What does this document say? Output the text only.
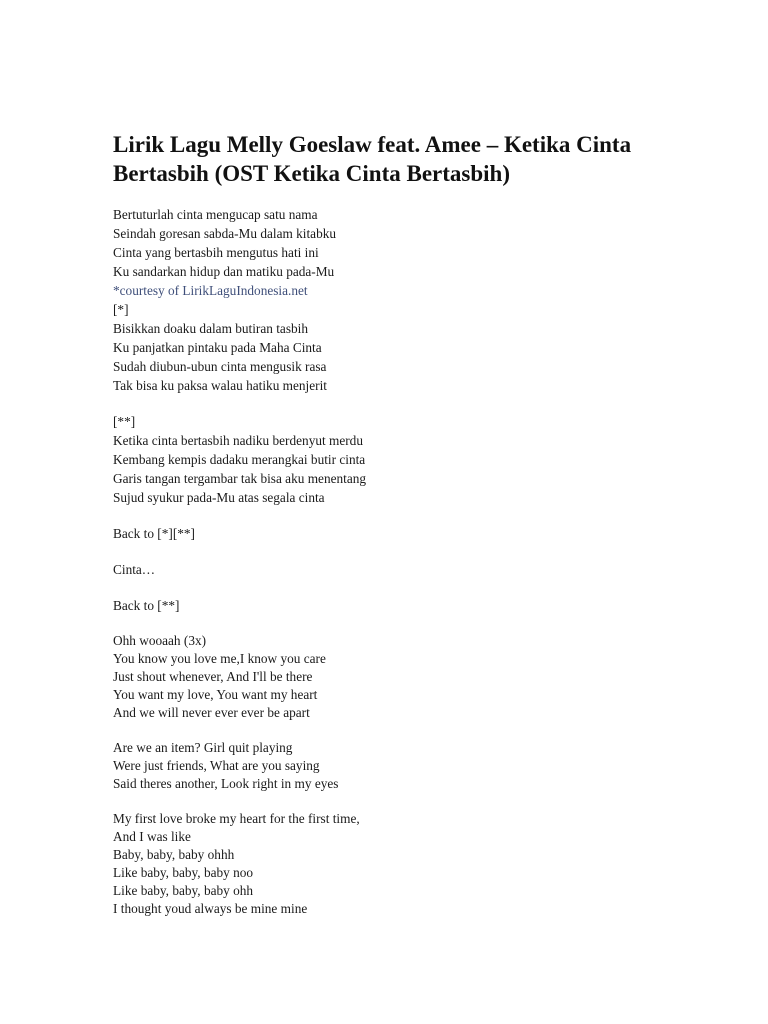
Lirik Lagu Melly Goeslaw feat. Amee – Ketika Cinta Bertasbih (OST Ketika Cinta Bertasbih)
Bertuturlah cinta mengucap satu nama
Seindah goresan sabda-Mu dalam kitabku
Cinta yang bertasbih mengutus hati ini
Ku sandarkan hidup dan matiku pada-Mu
*courtesy of LirikLaguIndonesia.net
[*]
Bisikkan doaku dalam butiran tasbih
Ku panjatkan pintaku pada Maha Cinta
Sudah diubun-ubun cinta mengusik rasa
Tak bisa ku paksa walau hatiku menjerit
[**]
Ketika cinta bertasbih nadiku berdenyut merdu
Kembang kempis dadaku merangkai butir cinta
Garis tangan tergambar tak bisa aku menentang
Sujud syukur pada-Mu atas segala cinta
Back to [*][**]
Cinta…
Back to [**]
Ohh wooaah (3x)
You know you love me,I know you care
Just shout whenever, And I'll be there
You want my love, You want my heart
And we will never ever ever be apart
Are we an item? Girl quit playing
Were just friends, What are you saying
Said theres another, Look right in my eyes
My first love broke my heart for the first time,
And I was like
Baby, baby, baby ohhh
Like baby, baby, baby noo
Like baby, baby, baby ohh
I thought youd always be mine mine
